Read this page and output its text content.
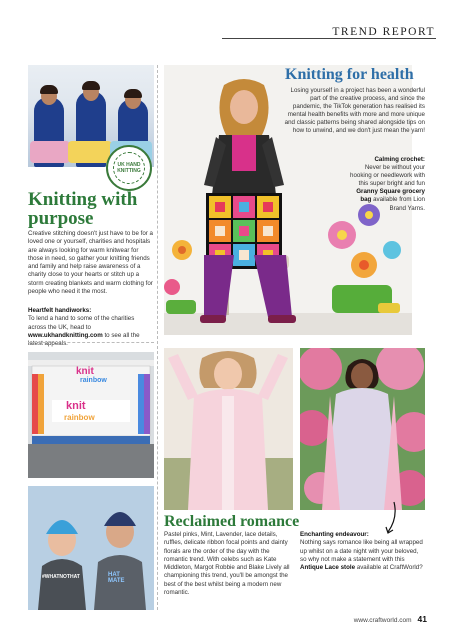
TREND REPORT
UK HAND KNITTING
Knitting with purpose

Creative stitching doesn't just have to be for a loved one or yourself, charities and hospitals are always looking for warm knitwear for those in need, so gather your knitting friends and family and help raise awareness of a charity close to your hearts or stitch up a storm creating blankets and warm clothing for people who need it the most.

Heartfelt handiworks:
To lend a hand to some of the charities across the UK, head to www.ukhandknitting.com to see all the latest appeals.

Knitting for health

Losing yourself in a project has been a wonderful part of the creative process, and since the pandemic, the TikTok generation has realised its mental health benefits with more and more unique and classic patterns being shared alongside tips on how to unwind, and we don't just mean the yarn!

Calming crochet:
Never be without your hooking or needlework with this super bright and fun Granny Square grocery bag available from Lion Brand Yarns.

knit
rainbow
knit
rainbow
#WHATNOTHAT	HAT MATE
Reclaimed romance

Pastel pinks, Mint, Lavender, lace details, ruffles, delicate ribbon focal points and dainty florals are the order of the day with the romantic trend. With celebs such as Kate Middleton, Margot Robbie and Blake Lively all championing this trend, you'll be amongst the best of the best whilst being a modern new romantic.

Enchanting endeavour:
Nothing says romance like being all wrapped up whilst on a date night with your beloved, so why not make a statement with this Antique Lace stole available at CraftWorld?

www.craftworld.com 41
